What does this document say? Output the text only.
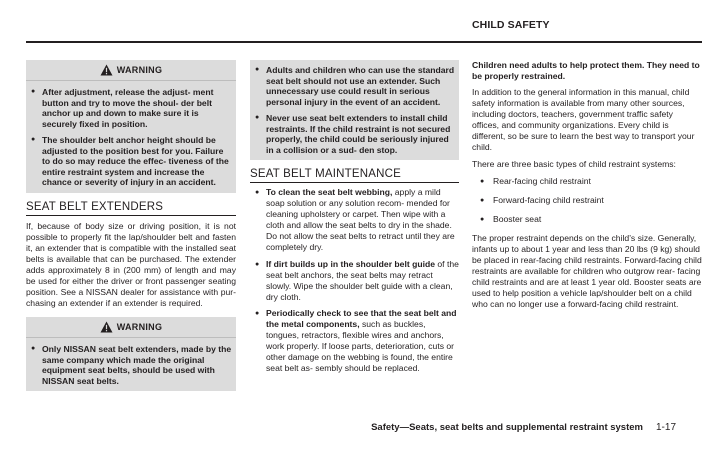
CHILD SAFETY
WARNING
● After adjustment, release the adjust- ment button and try to move the shoul- der belt anchor up and down to make sure it is securely fixed in position.
● The shoulder belt anchor height should be adjusted to the position best for you. Failure to do so may reduce the effec- tiveness of the entire restraint system and increase the chance or severity of injury in an accident.
SEAT BELT EXTENDERS
If, because of body size or driving position, it is not possible to properly fit the lap/shoulder belt and fasten it, an extender that is compatible with the installed seat belts is available that can be purchased. The extender adds approximately 8 in (200 mm) of length and may be used for either the driver or front passenger seating position. See a NISSAN dealer for assistance with pur- chasing an extender if an extender is required.
WARNING
● Only NISSAN seat belt extenders, made by the same company which made the original equipment seat belts, should be used with NISSAN seat belts.
● Adults and children who can use the standard seat belt should not use an extender. Such unnecessary use could result in serious personal injury in the event of an accident.
● Never use seat belt extenders to install child restraints. If the child restraint is not secured properly, the child could be seriously injured in a collision or a sud- den stop.
SEAT BELT MAINTENANCE
● To clean the seat belt webbing, apply a mild soap solution or any solution recom- mended for cleaning upholstery or carpet. Then wipe with a cloth and allow the seat belts to dry in the shade. Do not allow the seat belts to retract until they are completely dry.
● If dirt builds up in the shoulder belt guide of the seat belt anchors, the seat belts may retract slowly. Wipe the shoulder belt guide with a clean, dry cloth.
● Periodically check to see that the seat belt and the metal components, such as buckles, tongues, retractors, flexible wires and anchors, work properly. If loose parts, deterioration, cuts or other damage on the webbing is found, the entire seat belt as- sembly should be replaced.
Children need adults to help protect them. They need to be properly restrained.
In addition to the general information in this manual, child safety information is available from many other sources, including doctors, teachers, government traffic safety offices, and community organizations. Every child is different, so be sure to learn the best way to transport your child.
There are three basic types of child restraint systems:
● Rear-facing child restraint
● Forward-facing child restraint
● Booster seat
The proper restraint depends on the child’s size. Generally, infants up to about 1 year and less than 20 lbs (9 kg) should be placed in rear-facing child restraints. Forward-facing child restraints are available for children who outgrow rear- facing child restraints and are at least 1 year old. Booster seats are used to help position a vehicle lap/shoulder belt on a child who can no longer use a forward-facing child restraint.
Safety—Seats, seat belts and supplemental restraint system 1-17
